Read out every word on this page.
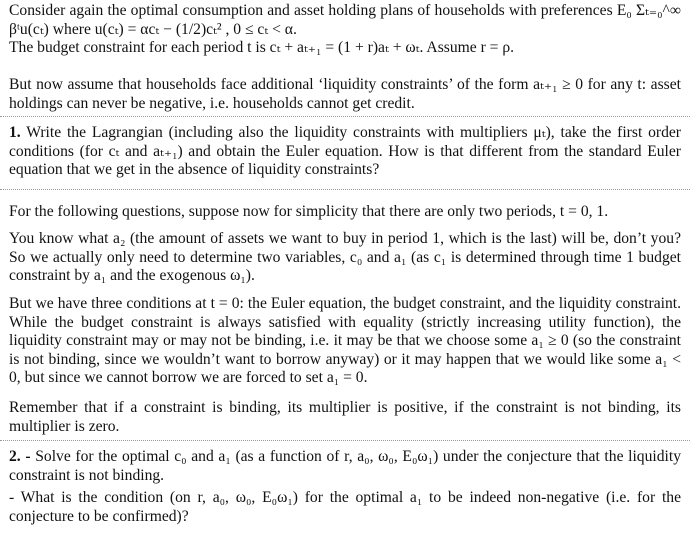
Consider again the optimal consumption and asset holding plans of households with preferences E₀ Σₜ₌₀^∞ βᵗu(cₜ) where u(cₜ) = αcₜ − (1/2)cₜ² , 0 ≤ cₜ < α.
The budget constraint for each period t is cₜ + aₜ₊₁ = (1 + r)aₜ + ωₜ. Assume r = ρ.
But now assume that households face additional ‘liquidity constraints’ of the form aₜ₊₁ ≥ 0 for any t: asset holdings can never be negative, i.e. households cannot get credit.
1. Write the Lagrangian (including also the liquidity constraints with multipliers μₜ), take the first order conditions (for cₜ and aₜ₊₁) and obtain the Euler equation. How is that different from the standard Euler equation that we get in the absence of liquidity constraints?
For the following questions, suppose now for simplicity that there are only two periods, t = 0, 1.
You know what a₂ (the amount of assets we want to buy in period 1, which is the last) will be, don’t you? So we actually only need to determine two variables, c₀ and a₁ (as c₁ is determined through time 1 budget constraint by a₁ and the exogenous ω₁).
But we have three conditions at t = 0: the Euler equation, the budget constraint, and the liquidity constraint. While the budget constraint is always satisfied with equality (strictly increasing utility function), the liquidity constraint may or may not be binding, i.e. it may be that we choose some a₁ ≥ 0 (so the constraint is not binding, since we wouldn’t want to borrow anyway) or it may happen that we would like some a₁ < 0, but since we cannot borrow we are forced to set a₁ = 0.
Remember that if a constraint is binding, its multiplier is positive, if the constraint is not binding, its multiplier is zero.
2. - Solve for the optimal c₀ and a₁ (as a function of r, a₀, ω₀, E₀ω₁) under the conjecture that the liquidity constraint is not binding.
- What is the condition (on r, a₀, ω₀, E₀ω₁) for the optimal a₁ to be indeed non-negative (i.e. for the conjecture to be confirmed)?
